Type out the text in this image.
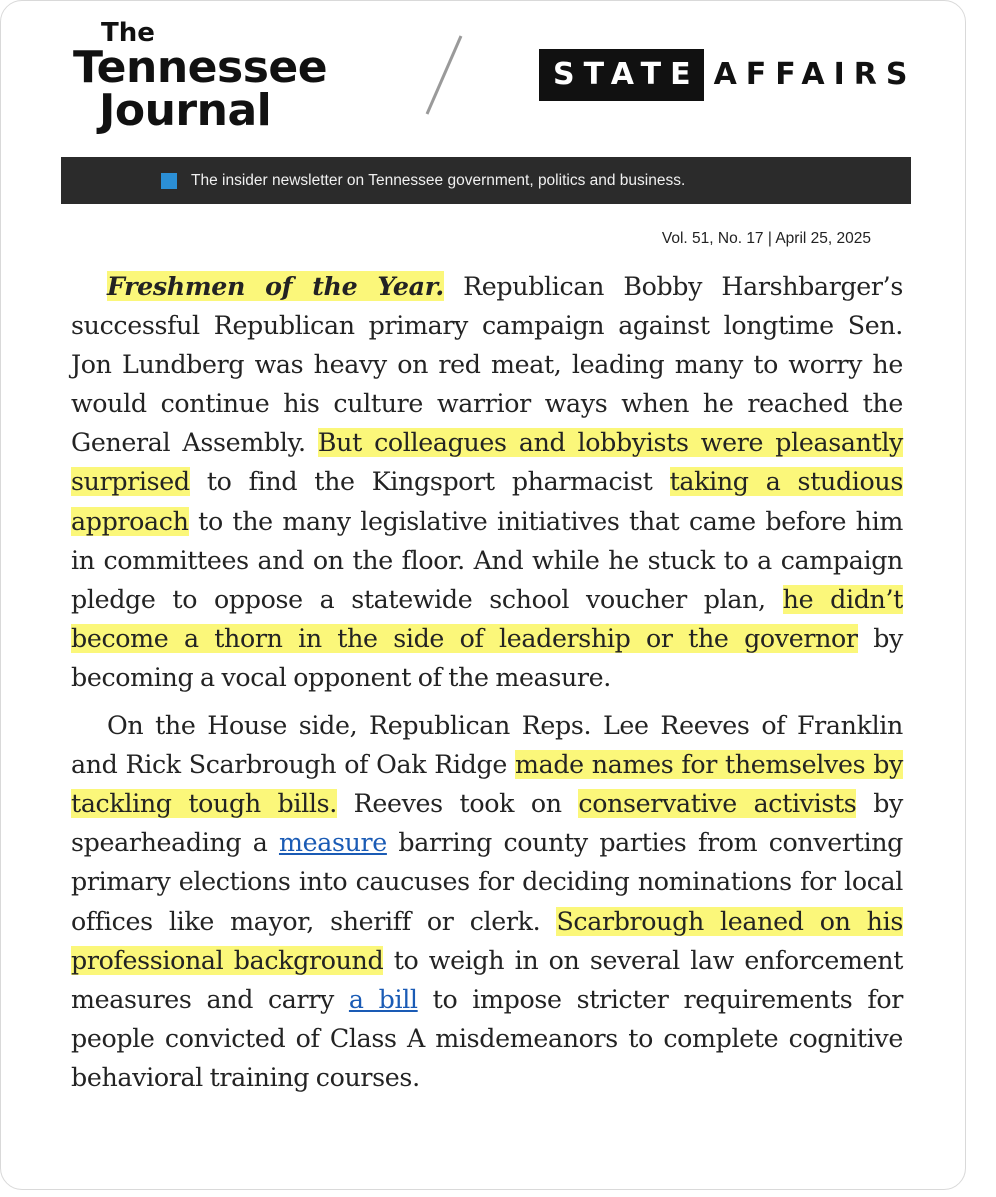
The
Tennessee
Journal
STATE AFFAIRS
The insider newsletter on Tennessee government, politics and business.
Vol. 51, No. 17 | April 25, 2025

Freshmen of the Year. Republican Bobby Harshbarger’s successful Republican primary campaign against longtime Sen. Jon Lundberg was heavy on red meat, leading many to worry he would continue his culture warrior ways when he reached the General Assembly. But colleagues and lobbyists were pleasantly surprised to find the Kingsport pharmacist taking a studious approach to the many legislative initiatives that came before him in committees and on the floor. And while he stuck to a campaign pledge to oppose a statewide school voucher plan, he didn’t become a thorn in the side of leadership or the governor by becoming a vocal opponent of the measure.

On the House side, Republican Reps. Lee Reeves of Franklin and Rick Scarbrough of Oak Ridge made names for themselves by tackling tough bills. Reeves took on conservative activists by spearheading a measure barring county parties from converting primary elections into caucuses for deciding nominations for local offices like mayor, sheriff or clerk. Scarbrough leaned on his professional background to weigh in on several law enforcement measures and carry a bill to impose stricter requirements for people convicted of Class A misdemeanors to complete cognitive behavioral training courses.
